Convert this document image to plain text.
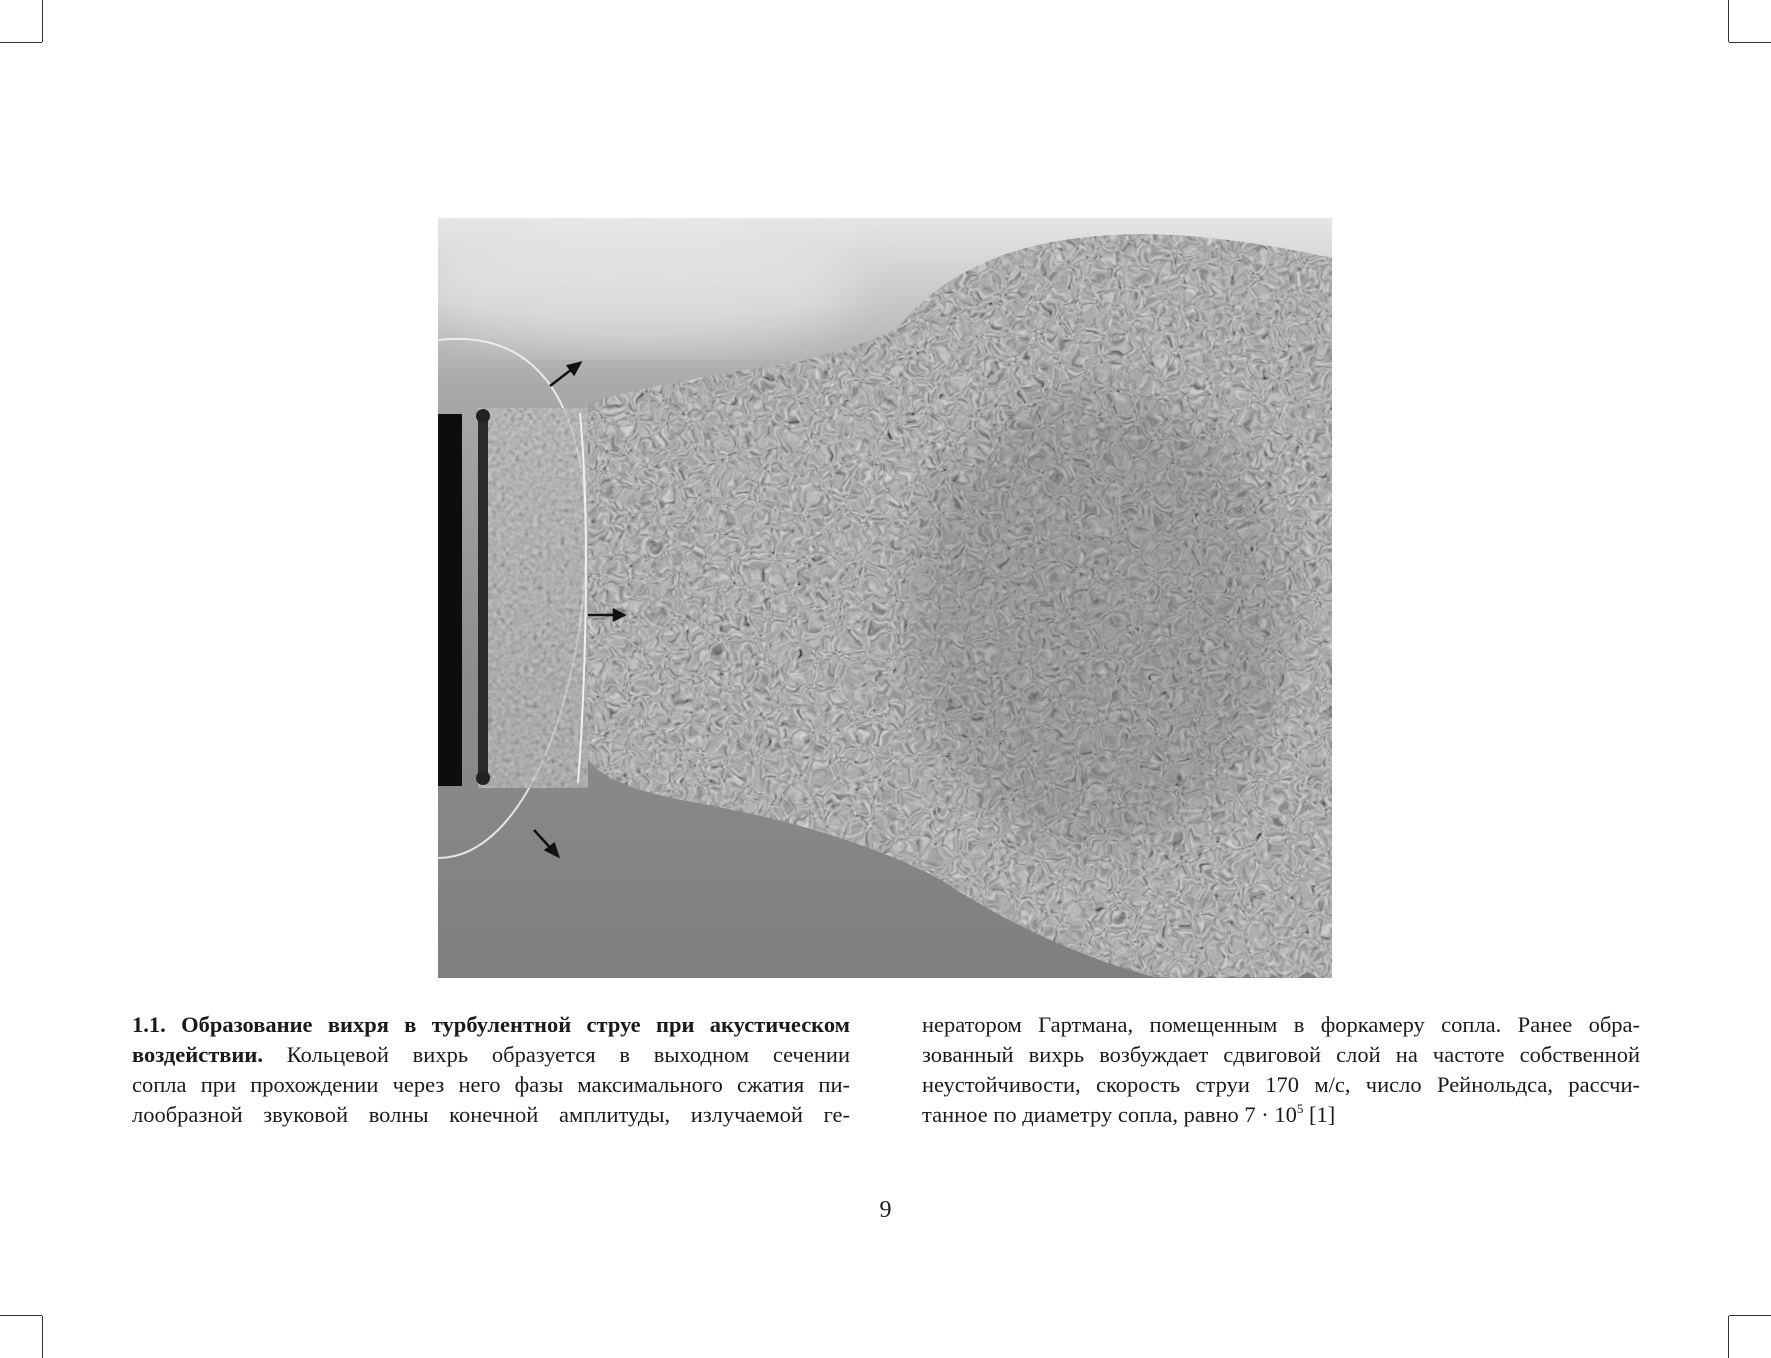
1.1. Образование вихря в турбулентной струе при акустическом
воздействии. Кольцевой вихрь образуется в выходном сечении
сопла при прохождении через него фазы максимального сжатия пи-
лообразной звуковой волны конечной амплитуды, излучаемой ге-
нератором Гартмана, помещенным в форкамеру сопла. Ранее обра-
зованный вихрь возбуждает сдвиговой слой на частоте собственной
неустойчивости, скорость струи 170 м/с, число Рейнольдса, рассчи-
танное по диаметру сопла, равно $7 \cdot 10^5$ [1]
9
